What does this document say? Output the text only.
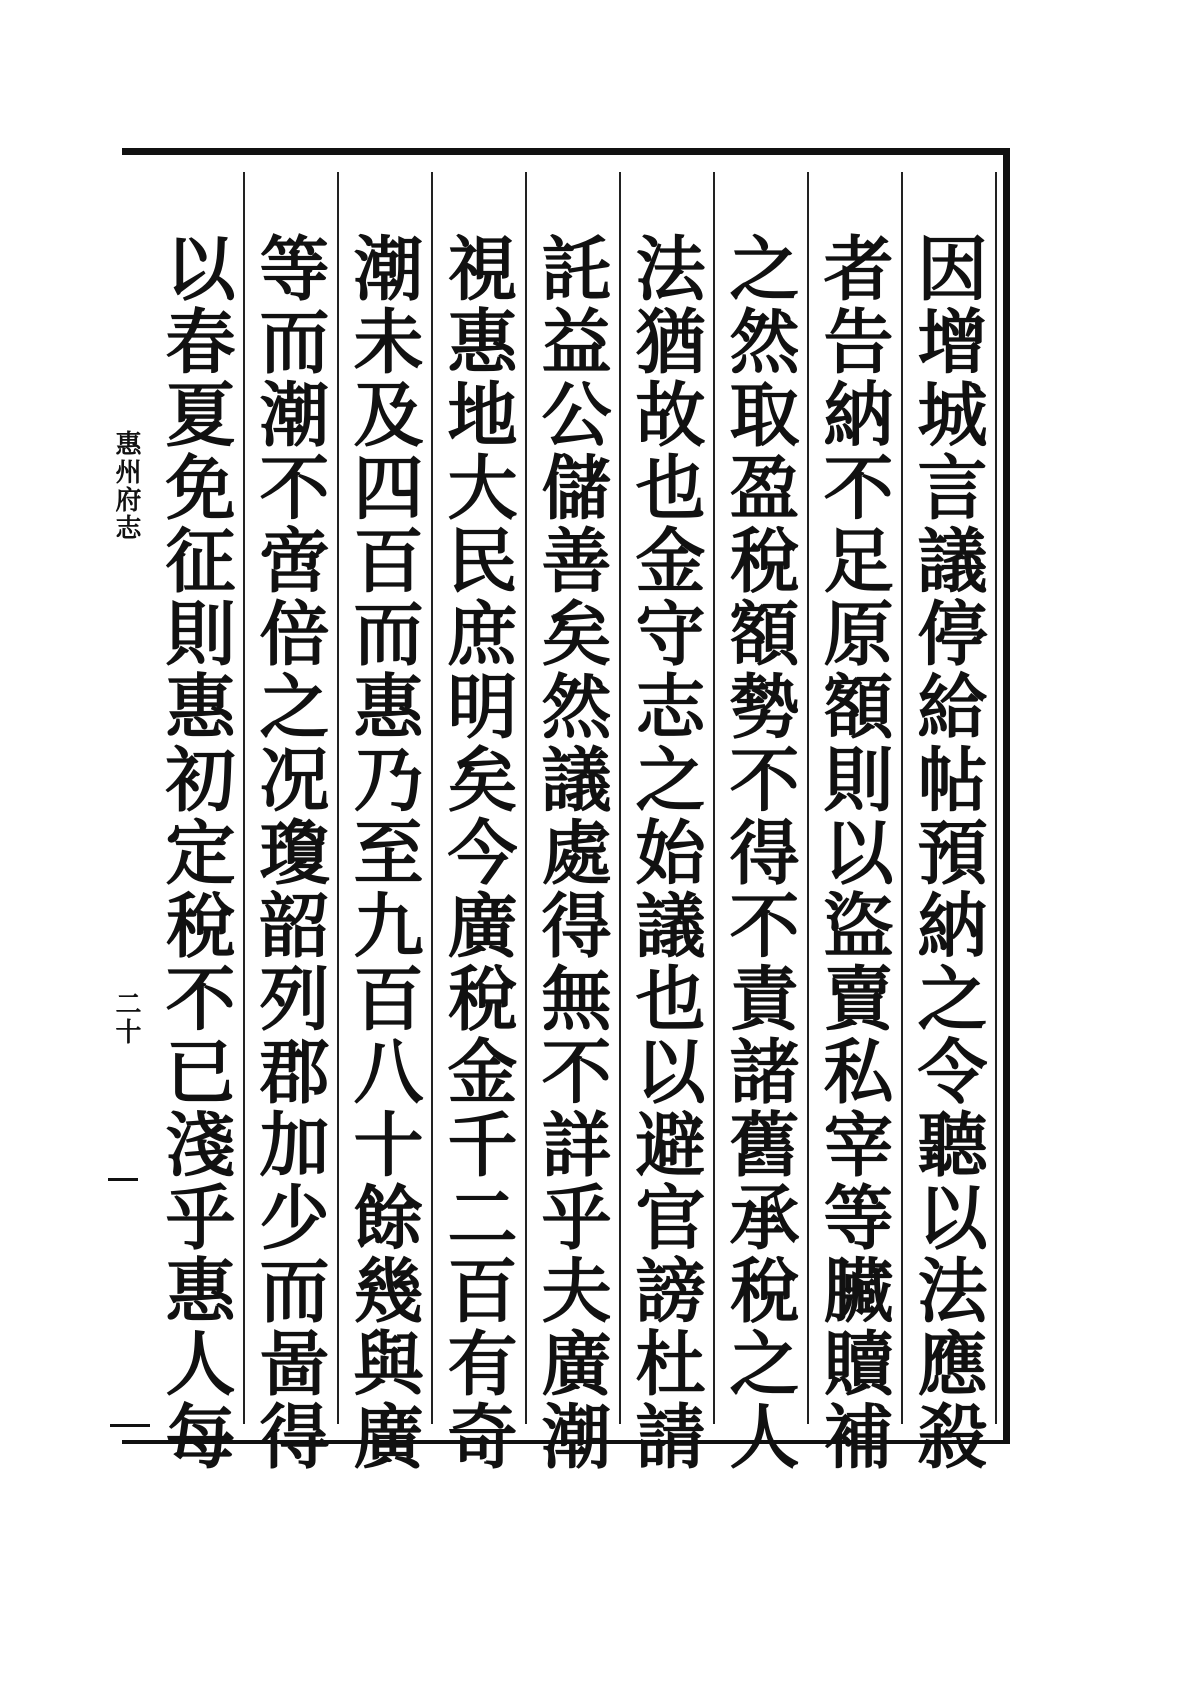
因增城言議停給帖預納之令聽以法應殺
者告納不足原額則以盜賣私宰等臟贖補
之然取盈稅額勢不得不責諸舊承稅之人
法猶故也金守志之始議也以避官謗杜請
託益公儲善矣然議處得無不詳乎夫廣潮
視惠地大民庶明矣今廣稅金千二百有奇
潮未及四百而惠乃至九百八十餘幾與廣
等而潮不啻倍之况瓊韶列郡加少而啚得
以春夏免征則惠初定稅不已淺乎惠人每
惠州府志
二十
